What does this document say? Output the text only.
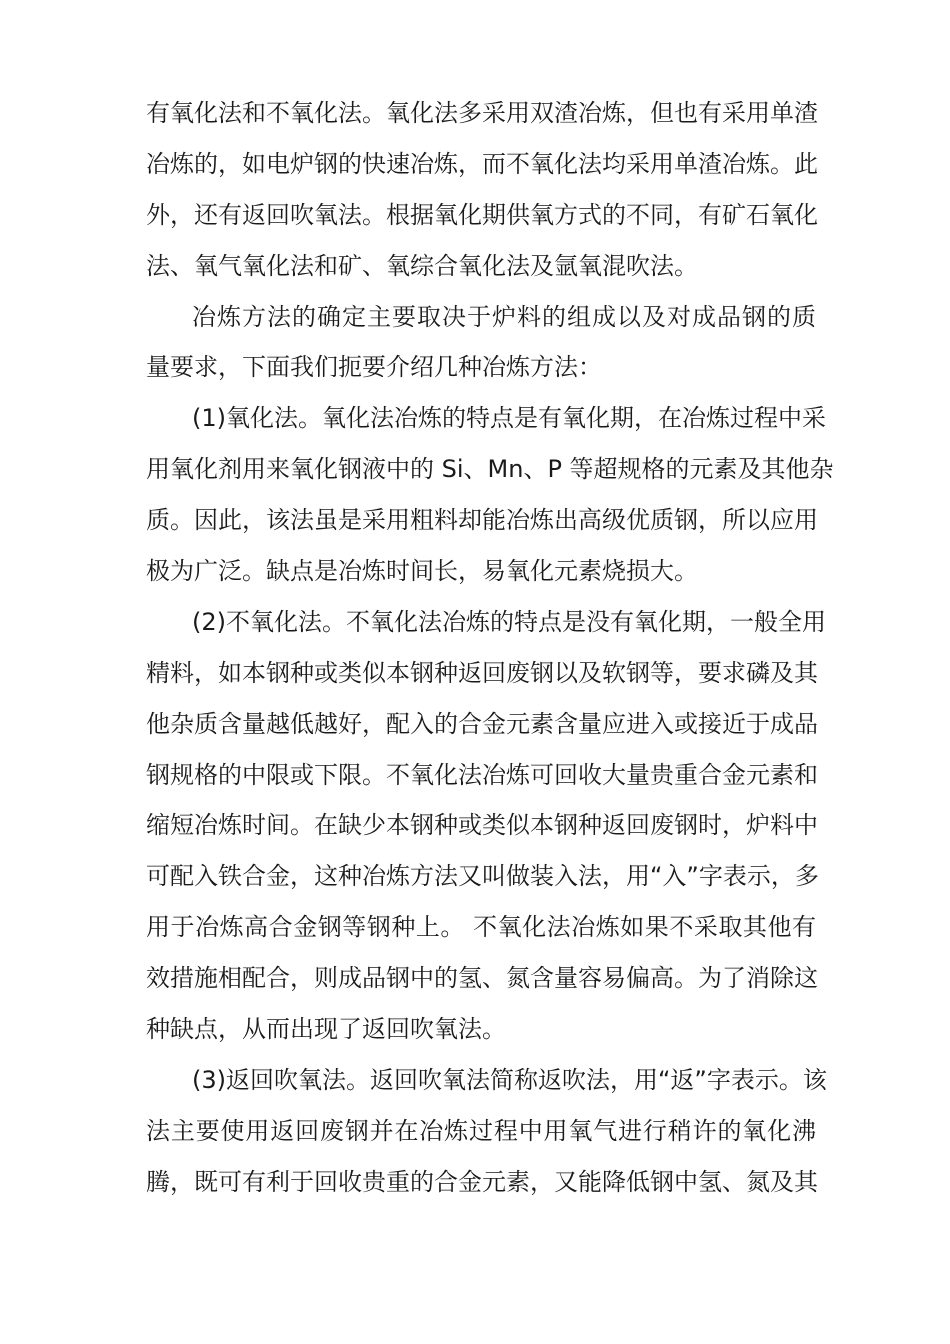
有氧化法和不氧化法。氧化法多采用双渣冶炼，但也有采用单渣
冶炼的，如电炉钢的快速冶炼，而不氧化法均采用单渣冶炼。此
外，还有返回吹氧法。根据氧化期供氧方式的不同，有矿石氧化
法、氧气氧化法和矿、氧综合氧化法及氩氧混吹法。
冶炼方法的确定主要取决于炉料的组成以及对成品钢的质
量要求，下面我们扼要介绍几种冶炼方法：
(1)氧化法。氧化法冶炼的特点是有氧化期，在冶炼过程中采
用氧化剂用来氧化钢液中的 Si、Mn、P 等超规格的元素及其他杂
质。因此，该法虽是采用粗料却能冶炼出高级优质钢，所以应用
极为广泛。缺点是冶炼时间长，易氧化元素烧损大。
(2)不氧化法。不氧化法冶炼的特点是没有氧化期，一般全用
精料，如本钢种或类似本钢种返回废钢以及软钢等，要求磷及其
他杂质含量越低越好，配入的合金元素含量应进入或接近于成品
钢规格的中限或下限。不氧化法冶炼可回收大量贵重合金元素和
缩短冶炼时间。在缺少本钢种或类似本钢种返回废钢时，炉料中
可配入铁合金，这种冶炼方法又叫做装入法，用“入”字表示，多
用于冶炼高合金钢等钢种上。 不氧化法冶炼如果不采取其他有
效措施相配合，则成品钢中的氢、氮含量容易偏高。为了消除这
种缺点，从而出现了返回吹氧法。
(3)返回吹氧法。返回吹氧法简称返吹法，用“返”字表示。该
法主要使用返回废钢并在冶炼过程中用氧气进行稍许的氧化沸
腾，既可有利于回收贵重的合金元素，又能降低钢中氢、氮及其
